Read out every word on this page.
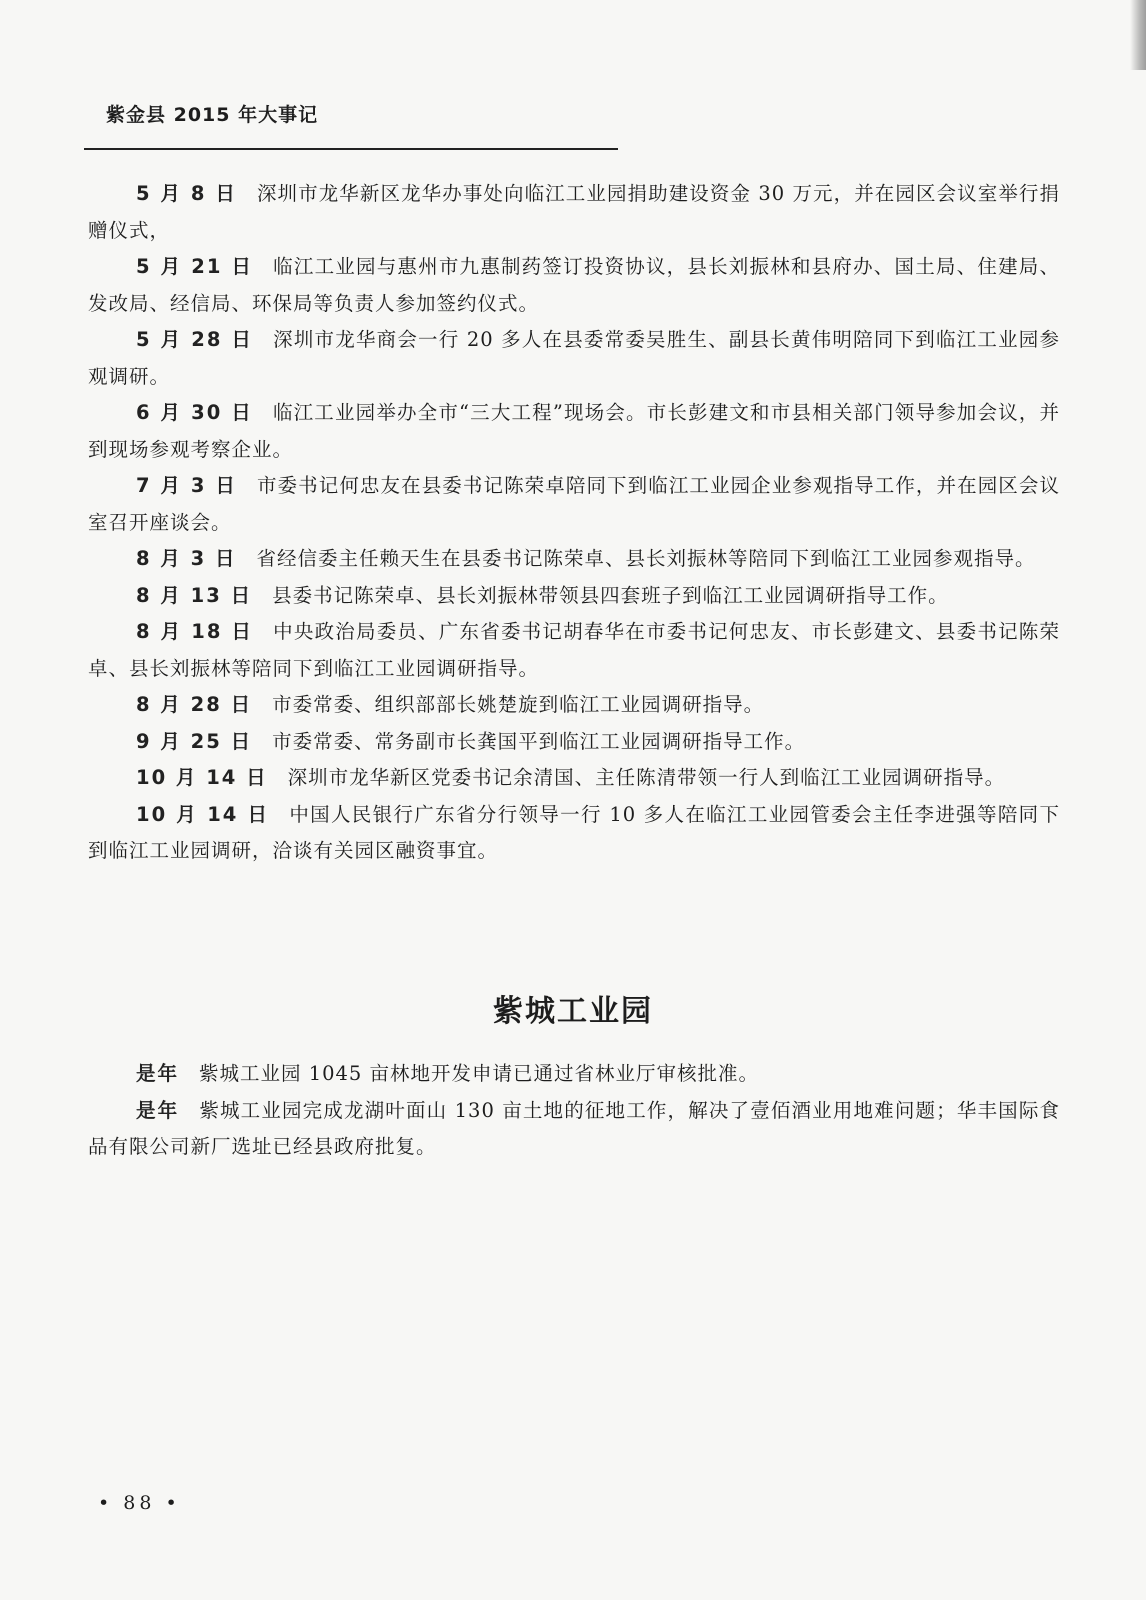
紫金县 2015 年大事记

5 月 8 日 深圳市龙华新区龙华办事处向临江工业园捐助建设资金 30 万元，并在园区会议室举行捐赠仪式，

5 月 21 日 临江工业园与惠州市九惠制药签订投资协议，县长刘振林和县府办、国土局、住建局、发改局、经信局、环保局等负责人参加签约仪式。

5 月 28 日 深圳市龙华商会一行 20 多人在县委常委吴胜生、副县长黄伟明陪同下到临江工业园参观调研。

6 月 30 日 临江工业园举办全市“三大工程”现场会。市长彭建文和市县相关部门领导参加会议，并到现场参观考察企业。

7 月 3 日 市委书记何忠友在县委书记陈荣卓陪同下到临江工业园企业参观指导工作，并在园区会议室召开座谈会。

8 月 3 日 省经信委主任赖天生在县委书记陈荣卓、县长刘振林等陪同下到临江工业园参观指导。

8 月 13 日 县委书记陈荣卓、县长刘振林带领县四套班子到临江工业园调研指导工作。

8 月 18 日 中央政治局委员、广东省委书记胡春华在市委书记何忠友、市长彭建文、县委书记陈荣卓、县长刘振林等陪同下到临江工业园调研指导。

8 月 28 日 市委常委、组织部部长姚楚旋到临江工业园调研指导。

9 月 25 日 市委常委、常务副市长龚国平到临江工业园调研指导工作。

10 月 14 日 深圳市龙华新区党委书记余清国、主任陈清带领一行人到临江工业园调研指导。

10 月 14 日 中国人民银行广东省分行领导一行 10 多人在临江工业园管委会主任李进强等陪同下到临江工业园调研，洽谈有关园区融资事宜。

紫城工业园

是年 紫城工业园 1045 亩林地开发申请已通过省林业厅审核批准。

是年 紫城工业园完成龙湖叶面山 130 亩土地的征地工作，解决了壹佰酒业用地难问题；华丰国际食品有限公司新厂选址已经县政府批复。

• 88 •
